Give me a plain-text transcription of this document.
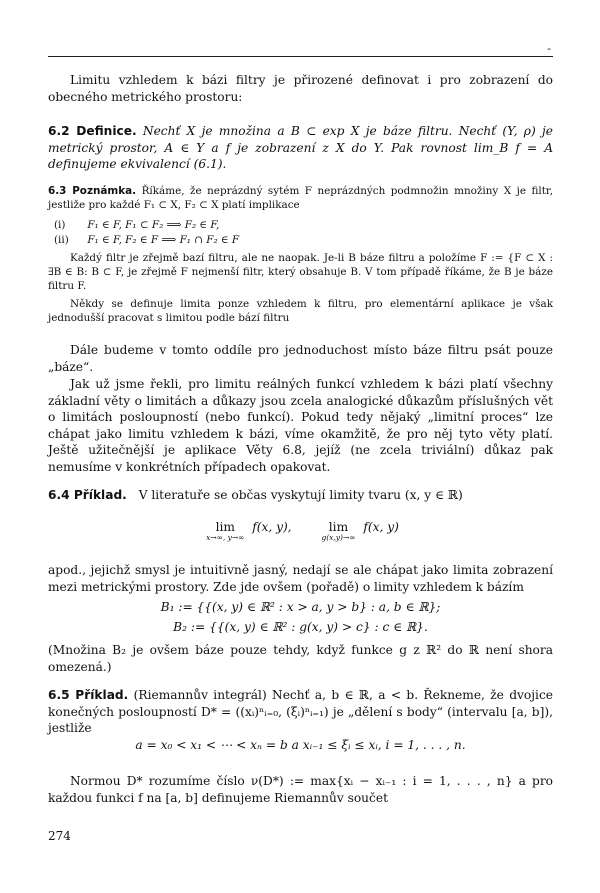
-
Limitu vzhledem k bázi filtry je přirozené definovat i pro zobrazení do obecného metrického prostoru:
6.2 Definice. Nechť X je množina a B ⊂ exp X je báze filtru. Nechť (Y, ρ) je metrický prostor, A ∈ Y a f je zobrazení z X do Y. Pak rovnost lim_B f = A definujeme ekvivalencí (6.1).
6.3 Poznámka. Říkáme, že neprázdný sytém F neprázdných podmnožin množiny X je filtr, jestliže pro každé F₁ ⊂ X, F₂ ⊂ X platí implikace
(i) F₁ ∈ F, F₁ ⊂ F₂ ⟹ F₂ ∈ F,
(ii) F₁ ∈ F, F₂ ∈ F ⟹ F₁ ∩ F₂ ∈ F
Každý filtr je zřejmě bazí filtru, ale ne naopak. Je-li B báze filtru a položíme F := {F ⊂ X : ∃B ∈ B: B ⊂ F, je zřejmě F nejmenší filtr, který obsahuje B. V tom případě říkáme, že B je báze filtru F.
Někdy se definuje limita ponze vzhledem k filtru, pro elementární aplikace je však jednodušší pracovat s limitou podle bází filtru
Dále budeme v tomto oddíle pro jednoduchost místo báze filtru psát pouze „báze“.
Jak už jsme řekli, pro limitu reálných funkcí vzhledem k bázi platí všechny základní věty o limitách a důkazy jsou zcela analogické důkazům příslušných vět o limitách posloupností (nebo funkcí). Pokud tedy nějaký „limitní proces“ lze chápat jako limitu vzhledem k bázi, víme okamžitě, že pro něj tyto věty platí. Ještě užitečnější je aplikace Věty 6.8, jejíž (ne zcela triviální) důkaz pak nemusíme v konkrétních případech opakovat.
6.4 Příklad. V literatuře se občas vyskytují limity tvaru (x, y ∈ ℝ)
lim
x→∞, y→∞
f(x, y),	lim
g(x,y)→∞
f(x, y)
apod., jejichž smysl je intuitivně jasný, nedají se ale chápat jako limita zobrazení mezi metrickými prostory. Zde jde ovšem (pořadě) o limity vzhledem k bázím
B₁ := {{(x, y) ∈ ℝ² : x > a, y > b} : a, b ∈ ℝ};
B₂ := {{(x, y) ∈ ℝ² : g(x, y) > c} : c ∈ ℝ}.
(Množina B₂ je ovšem báze pouze tehdy, když funkce g z ℝ² do ℝ není shora omezená.)
6.5 Příklad. (Riemannův integrál) Nechť a, b ∈ ℝ, a < b. Řekneme, že dvojice konečných posloupností D* = ((xᵢ)ⁿᵢ₌₀, (ξᵢ)ⁿᵢ₌₁) je „dělení s body“ (intervalu [a, b]), jestliže
a = x₀ < x₁ < ⋯ < xₙ = b a xᵢ₋₁ ≤ ξᵢ ≤ xᵢ, i = 1, . . . , n.
Normou D* rozumíme číslo ν(D*) := max{xᵢ − xᵢ₋₁ : i = 1, . . . , n} a pro každou funkci f na [a, b] definujeme Riemannův součet
274
